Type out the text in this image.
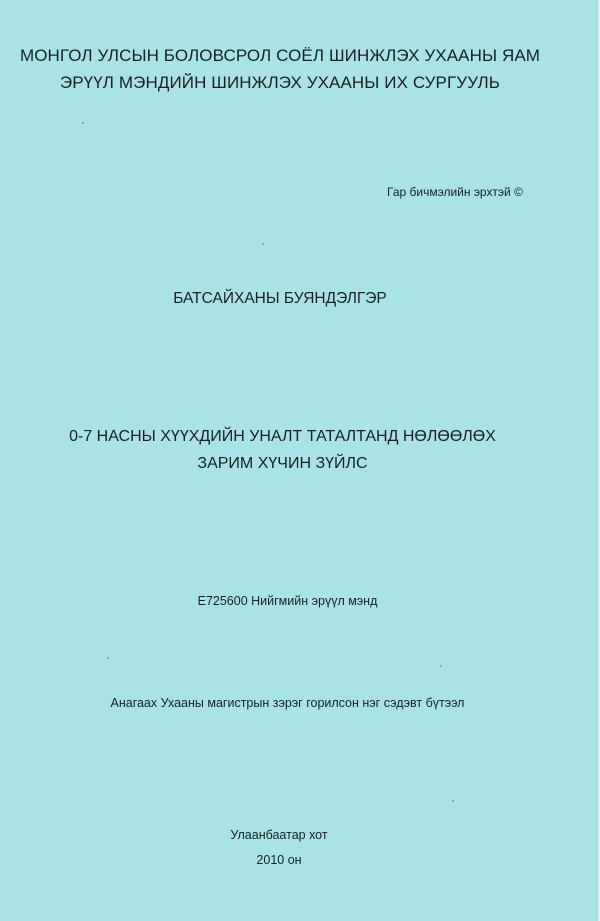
МОНГОЛ УЛСЫН БОЛОВСРОЛ СОЁЛ ШИНЖЛЭХ УХААНЫ ЯАМ

ЭРҮҮЛ МЭНДИЙН ШИНЖЛЭХ УХААНЫ ИХ СУРГУУЛЬ

Гар бичмэлийн эрхтэй ©

БАТСАЙХАНЫ БУЯНДЭЛГЭР

0-7 НАСНЫ ХҮҮХДИЙН УНАЛТ ТАТАЛТАНД НӨЛӨӨЛӨХ

ЗАРИМ ХҮЧИН ЗҮЙЛС

E725600 Нийгмийн эрүүл мэнд

Анагаах Ухааны магистрын зэрэг горилсон нэг сэдэвт бүтээл

Улаанбаатар хот

2010 он
